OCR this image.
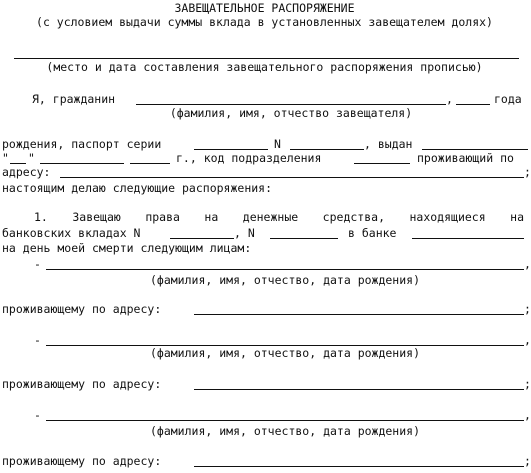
ЗАВЕЩАТЕЛЬНОЕ РАСПОРЯЖЕНИЕ
(с условием выдачи суммы вклада в установленных завещателем долях)
(место и дата составления завещательного распоряжения прописью)
Я, гражданин	,	года
(фамилия, имя, отчество завещателя)
рождения, паспорт серии	N	, выдан
" "	г., код подразделения	проживающий по
адресу:	;
настоящим делаю следующие распоряжения:
1. Завещаю права на денежные средства, находящиеся на
банковских вкладах N	, N	в банке
на день моей смерти следующим лицам:
-	,
(фамилия, имя, отчество, дата рождения)
проживающему по адресу:	;
-	,
(фамилия, имя, отчество, дата рождения)
проживающему по адресу:	;
-	,
(фамилия, имя, отчество, дата рождения)
проживающему по адресу:	;
